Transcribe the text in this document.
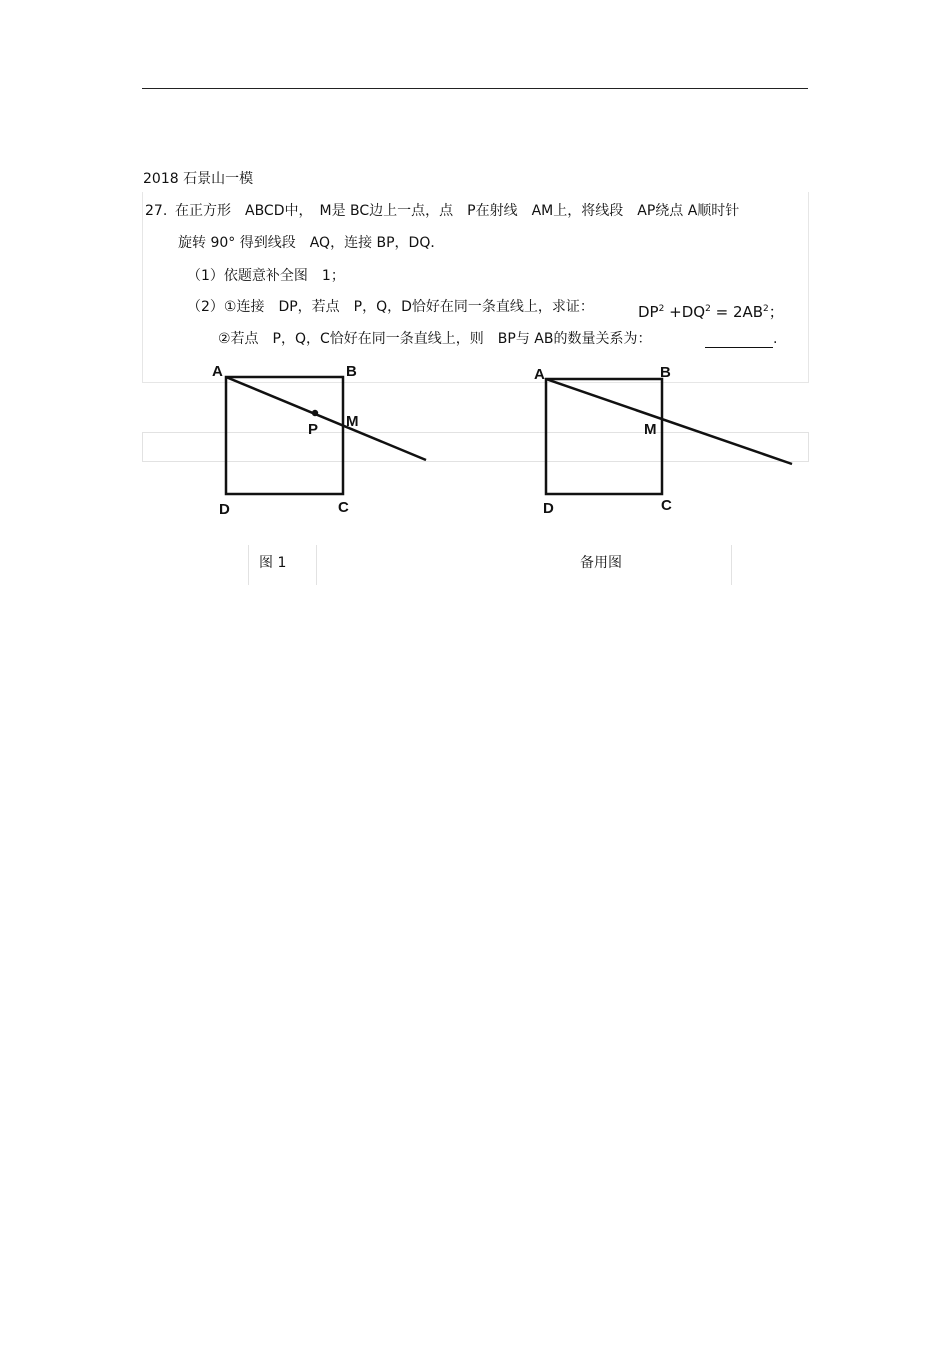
2018 石景山一模
27. 在正方形　ABCD中，　M是 BC边上一点，点　P在射线　AM上，将线段　AP绕点 A顺时针
旋转 90° 得到线段　AQ，连接 BP，DQ．
（1）依题意补全图　1；
（2）①连接　DP，若点　P，Q，D恰好在同一条直线上，求证：	$DP^2 +DQ^2 = 2AB^2$；
②若点　P，Q，C恰好在同一条直线上，则　BP与 AB的数量关系为：	.
A	B
M
P
D	C
A	B
M
D	C
图 1	备用图
